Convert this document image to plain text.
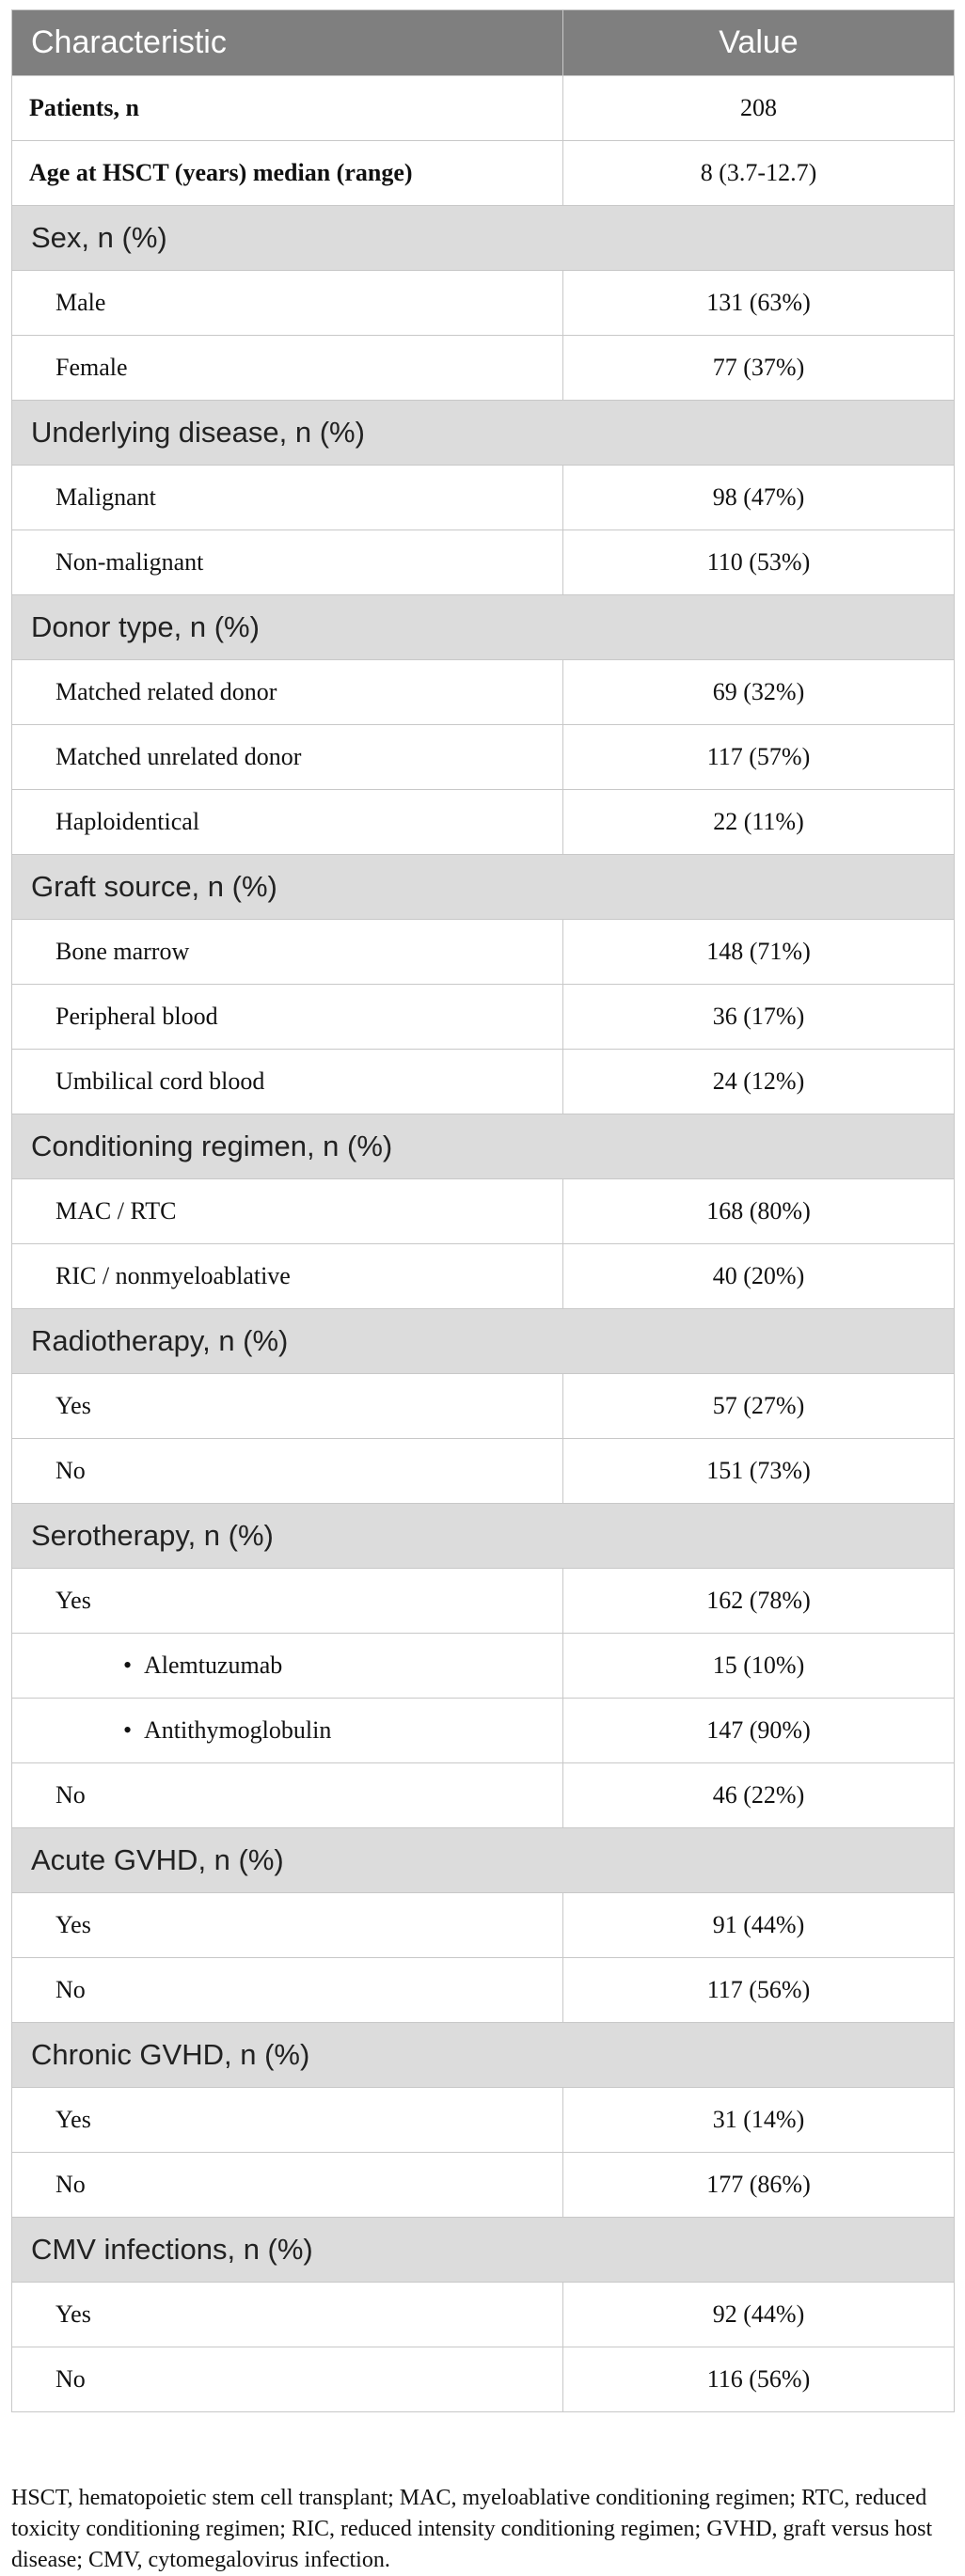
Characteristic	Value
Patients, n	208
Age at HSCT (years) median (range)	8 (3.7-12.7)
Sex, n (%)	
Male	131 (63%)
Female	77 (37%)
Underlying disease, n (%)	
Malignant	98 (47%)
Non-malignant	110 (53%)
Donor type, n (%)	
Matched related donor	69 (32%)
Matched unrelated donor	117 (57%)
Haploidentical	22 (11%)
Graft source, n (%)	
Bone marrow	148 (71%)
Peripheral blood	36 (17%)
Umbilical cord blood	24 (12%)
Conditioning regimen, n (%)	
MAC / RTC	168 (80%)
RIC / nonmyeloablative	40 (20%)
Radiotherapy, n (%)	
Yes	57 (27%)
No	151 (73%)
Serotherapy, n (%)	
Yes	162 (78%)
• Alemtuzumab	15 (10%)
• Antithymoglobulin	147 (90%)
No	46 (22%)
Acute GVHD, n (%)	
Yes	91 (44%)
No	117 (56%)
Chronic GVHD, n (%)	
Yes	31 (14%)
No	177 (86%)
CMV infections, n (%)	
Yes	92 (44%)
No	116 (56%)
HSCT, hematopoietic stem cell transplant; MAC, myeloablative conditioning regimen; RTC, reduced toxicity conditioning regimen; RIC, reduced intensity conditioning regimen; GVHD, graft versus host disease; CMV, cytomegalovirus infection.
